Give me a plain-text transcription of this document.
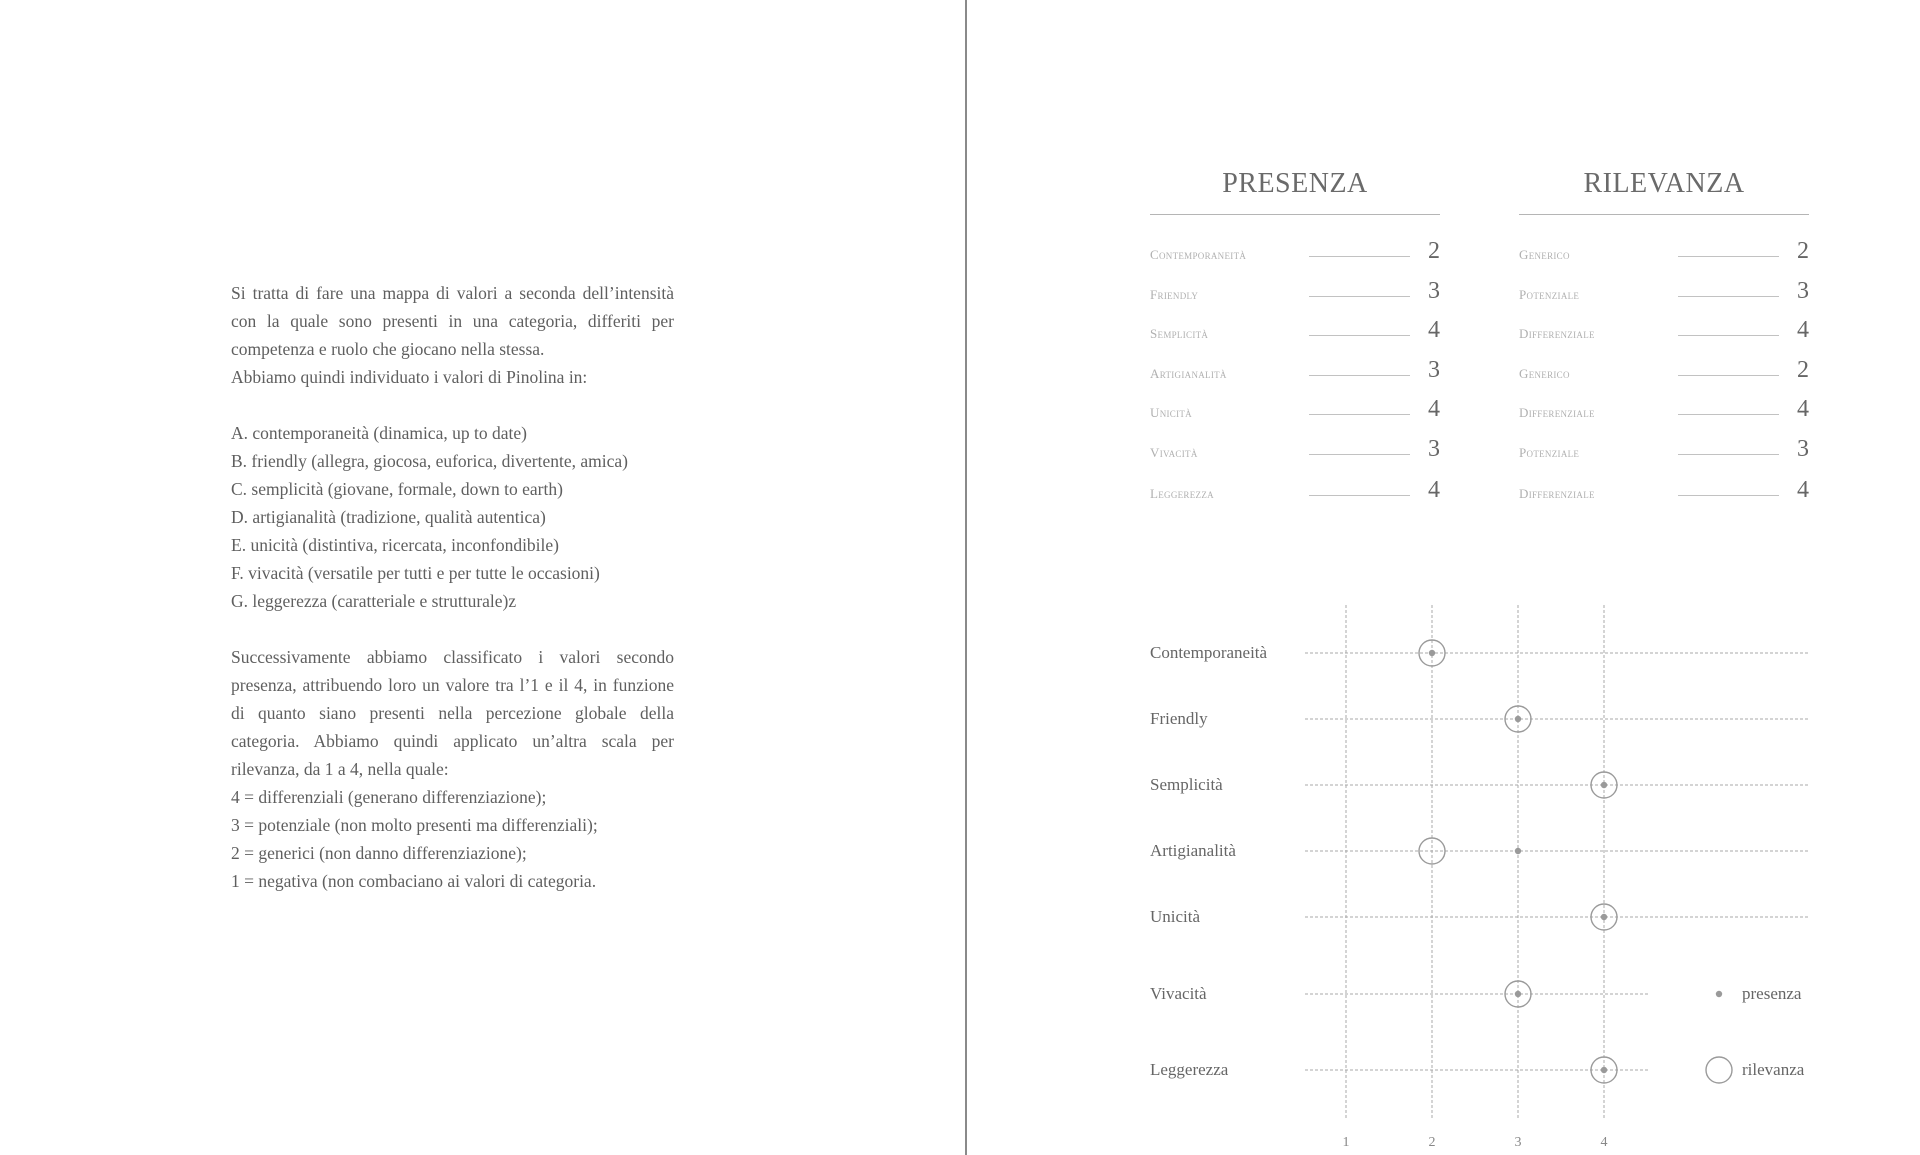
Si tratta di fare una mappa di valori a seconda dell’intensità con la quale sono presenti in una categoria, differiti per competenza e ruolo che giocano nella stessa.

Abbiamo quindi individuato i valori di Pinolina in:

A. contemporaneità (dinamica, up to date)

B. friendly (allegra, giocosa, euforica, divertente, amica)

C. semplicità (giovane, formale, down to earth)

D. artigianalità (tradizione, qualità autentica)

E. unicità (distintiva, ricercata, inconfondibile)

F. vivacità (versatile per tutti e per tutte le occasioni)

G. leggerezza (caratteriale e strutturale)z

Successivamente abbiamo classificato i valori secondo presenza, attribuendo loro un valore tra l’1 e il 4, in funzione di quanto siano presenti nella percezione globale della categoria. Abbiamo quindi applicato un’altra scala per rilevanza, da 1 a 4, nella quale:

4 = differenziali (generano differenziazione);

3 = potenziale (non molto presenti ma differenziali);

2 = generici (non danno differenziazione);

1 = negativa (non combaciano ai valori di categoria.

PRESENZA
Contemporaneità	2
Friendly	3
Semplicità	4
Artigianalità	3
Unicità	4
Vivacità	3
Leggerezza	4
RILEVANZA
Generico	2
Potenziale	3
Differenziale	4
Generico	2
Differenziale	4
Potenziale	3
Differenziale	4
1	2	3	4
Contemporaneità
Friendly
Semplicità
Artigianalità
Unicità
Vivacità
Leggerezza
presenza
rilevanza
